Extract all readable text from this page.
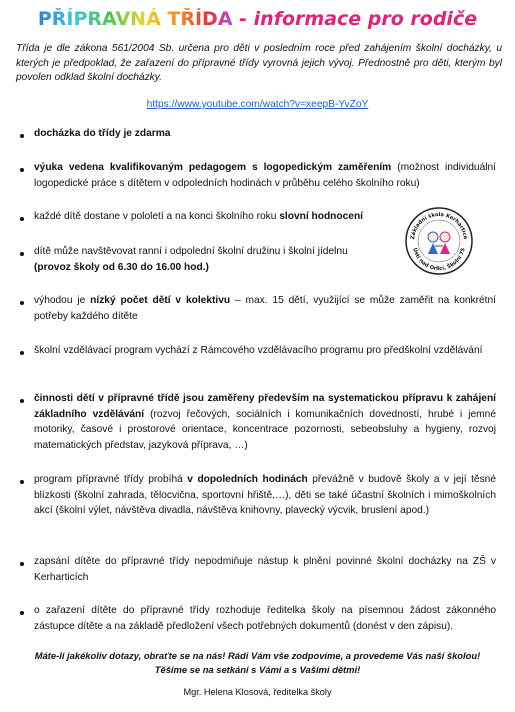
PŘÍPRAVNÁ TŘÍDA - informace pro rodiče
Třída je dle zákona 561/2004 Sb. určena pro děti v posledním roce před zahájením školní docházky, u kterých je předpoklad, že zařazení do přípravné třídy vyrovná jejich vývoj. Přednostně pro děti, kterým byl povolen odklad školní docházky.
https://www.youtube.com/watch?v=xeepB-YvZoY
docházka do třídy je zdarma
výuka vedena kvalifikovaným pedagogem s logopedickým zaměřením (možnost individuální logopedické práce s dítětem v odpoledních hodinách v průběhu celého školního roku)
každé dítě dostane v pololetí a na konci školního roku slovní hodnocení
dítě může navštěvovat ranní i odpolední školní družinu i školní jídelnu
(provoz školy od 6.30 do 16.00 hod.)
Základní škola Kerhartice
Ústí nad Orlicí, Školní 75
výhodou je nízký počet dětí v kolektivu – max. 15 dětí, využijící se může zaměřit na konkrétní potřeby každého dítěte
školní vzdělávací program vychází z Rámcového vzdělávacího programu pro předškolní vzdělávání
činnosti dětí v přípravné třídě jsou zaměřeny především na systematickou přípravu k zahájení základního vzdělávání (rozvoj řečových, sociálních i komunikačních dovedností, hrubé i jemné motoriky, časové i prostorové orientace, koncentrace pozornosti, sebeobsluhy a hygieny, rozvoj matematických představ, jazyková příprava, …)
program přípravné třídy probíhá v dopoledních hodinách převážně v budově školy a v její těsné blízkosti (školní zahrada, tělocvična, sportovní hřiště,…), děti se také účastní školních i mimoškolních akcí (školní výlet, návštěva divadla, návštěva knihovny, plavecký výcvik, bruslení apod.)
zapsání dítěte do přípravné třídy nepodmiňuje nástup k plnění povinné školní docházky na ZŠ v Kerharticích
o zařazení dítěte do přípravné třídy rozhoduje ředitelka školy na písemnou žádost zákonného zástupce dítěte a na základě předložení všech potřebných dokumentů (donést v den zápisu).
Máte-li jakékoliv dotazy, obraťte se na nás! Rádi Vám vše zodpovíme, a provedeme Vás naší školou!
Těšíme se na setkání s Vámi a s Vašimi dětmi!
Mgr. Helena Klosová, ředitelka školy
